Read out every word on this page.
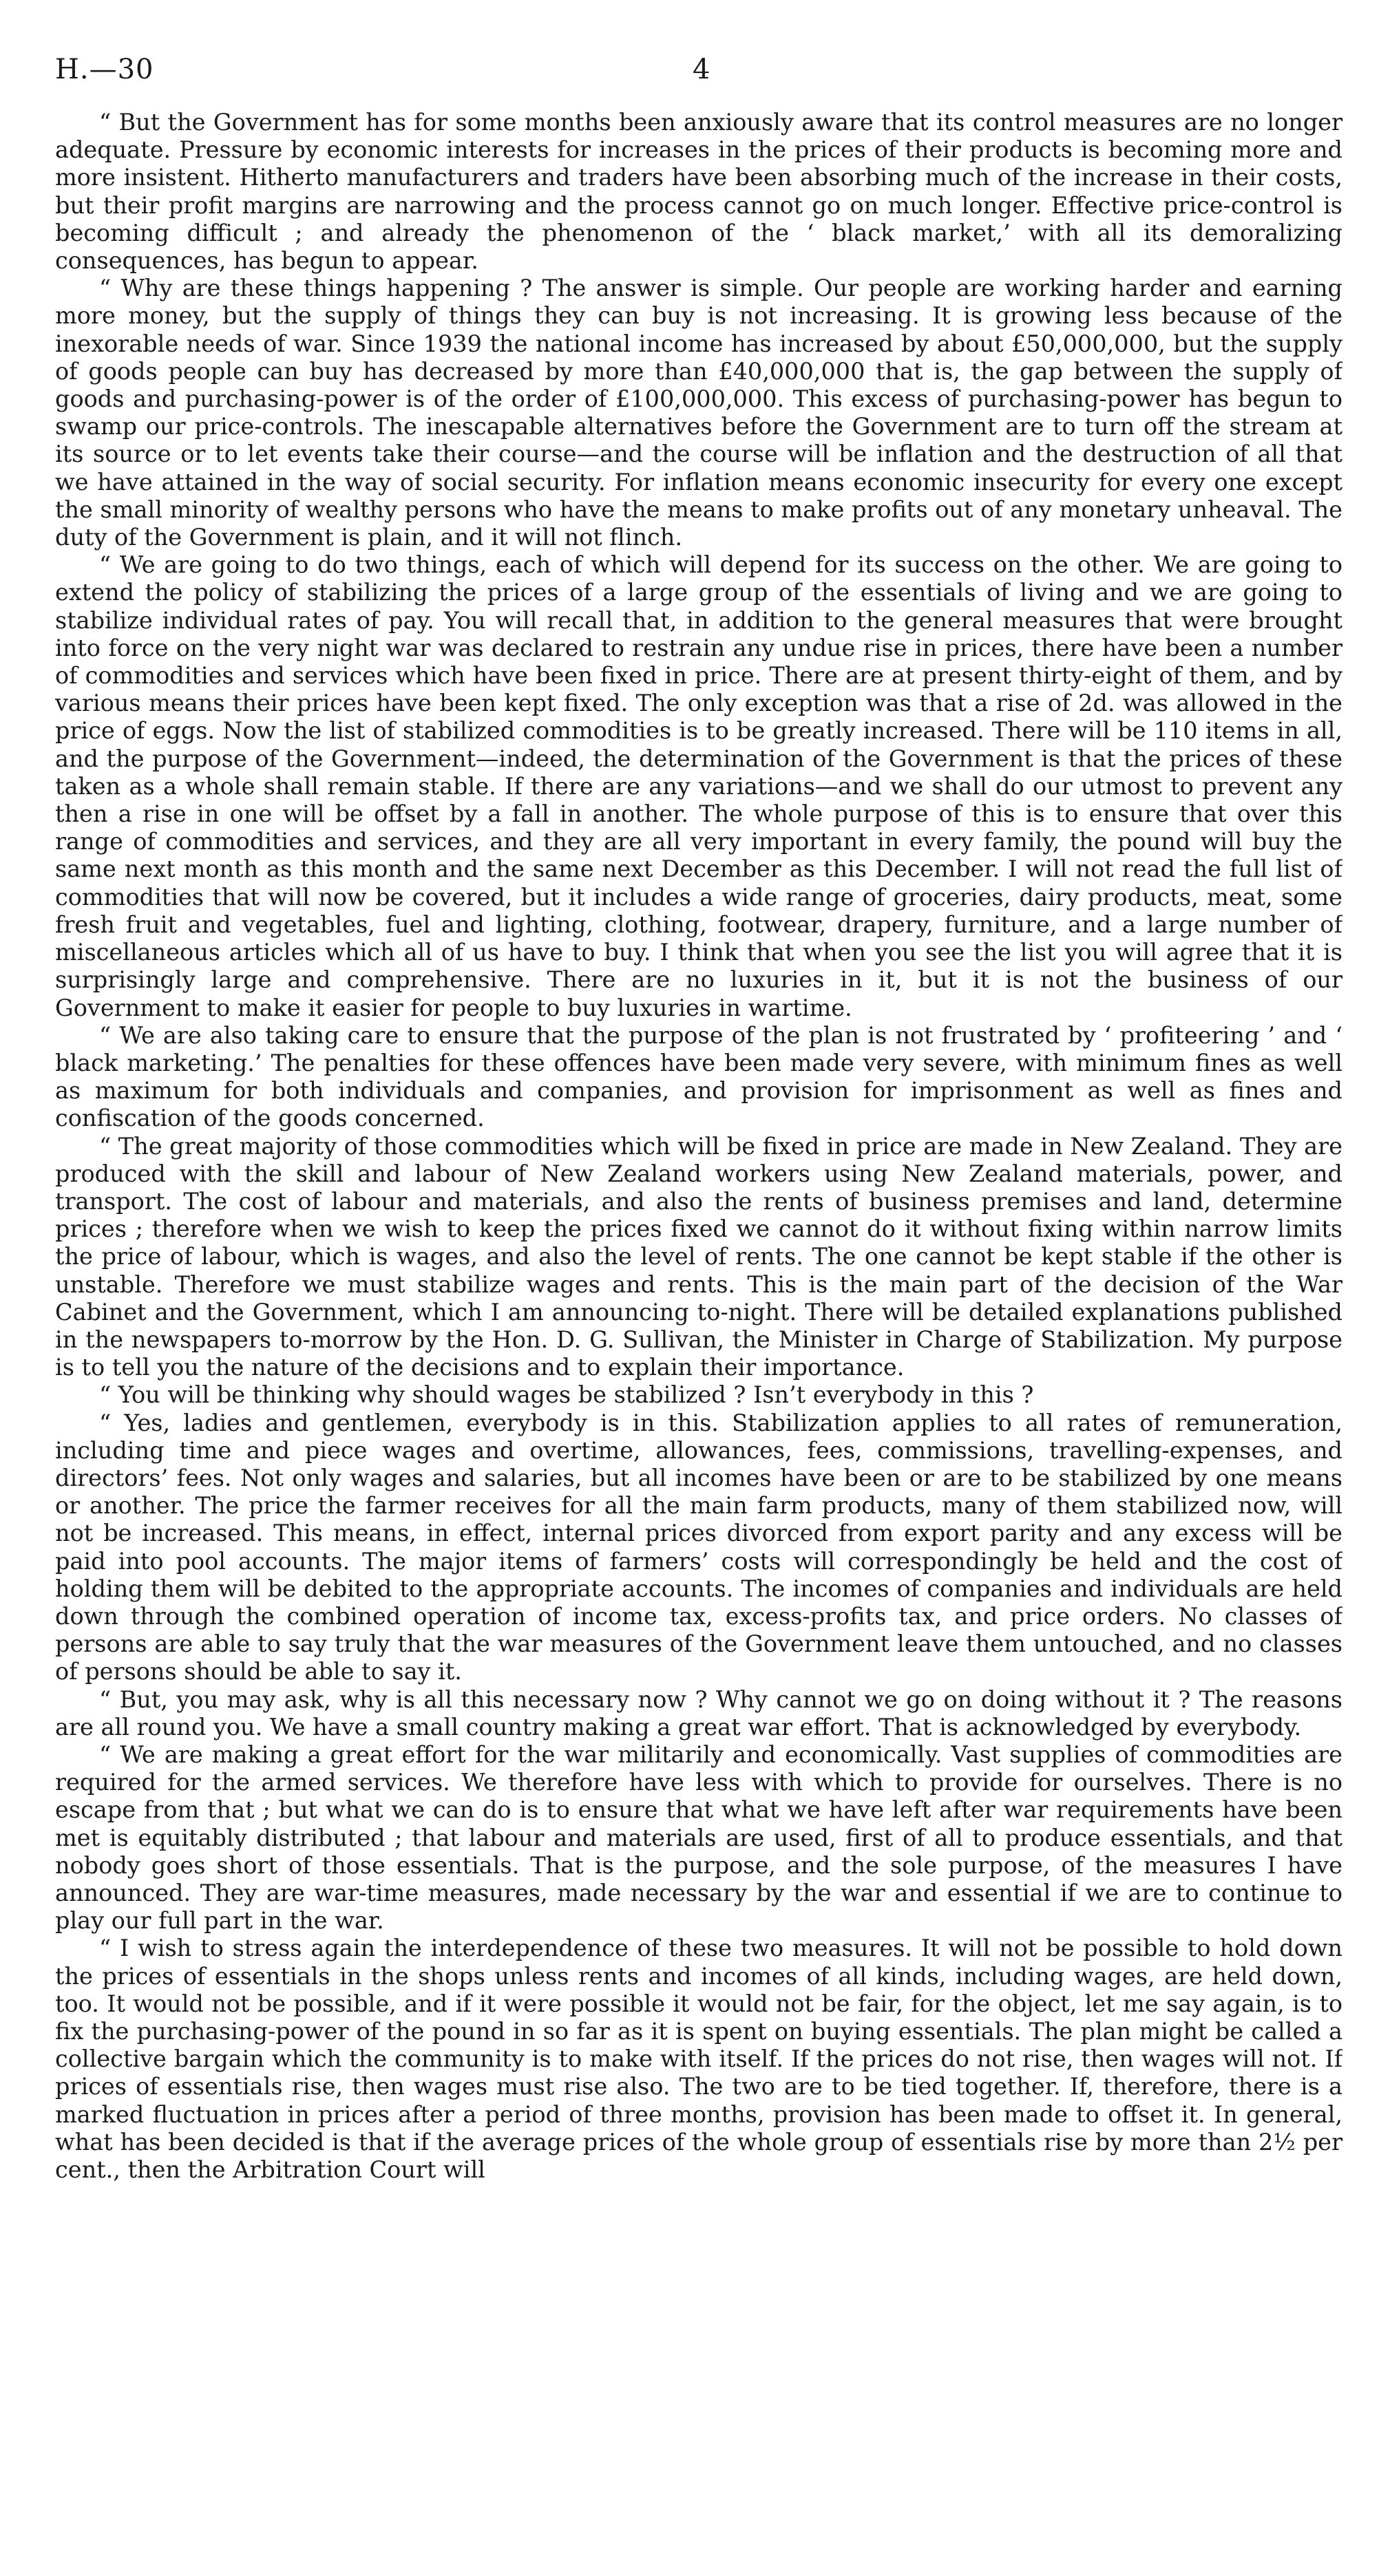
H.—30	4

“ But the Government has for some months been anxiously aware that its control measures are no longer adequate. Pressure by economic interests for increases in the prices of their products is becoming more and more insistent. Hitherto manufacturers and traders have been absorbing much of the increase in their costs, but their profit margins are narrowing and the process cannot go on much longer. Effective price-control is becoming difficult ; and already the phenomenon of the ‘ black market,’ with all its demoralizing consequences, has begun to appear.

“ Why are these things happening ? The answer is simple. Our people are working harder and earning more money, but the supply of things they can buy is not increasing. It is growing less because of the inexorable needs of war. Since 1939 the national income has increased by about £50,000,000, but the supply of goods people can buy has decreased by more than £40,000,000 that is, the gap between the supply of goods and purchasing-power is of the order of £100,000,000. This excess of purchasing-power has begun to swamp our price-controls. The inescapable alternatives before the Government are to turn off the stream at its source or to let events take their course—and the course will be inflation and the destruction of all that we have attained in the way of social security. For inflation means economic insecurity for every one except the small minority of wealthy persons who have the means to make profits out of any monetary unheaval. The duty of the Government is plain, and it will not flinch.

“ We are going to do two things, each of which will depend for its success on the other. We are going to extend the policy of stabilizing the prices of a large group of the essentials of living and we are going to stabilize individual rates of pay. You will recall that, in addition to the general measures that were brought into force on the very night war was declared to restrain any undue rise in prices, there have been a number of commodities and services which have been fixed in price. There are at present thirty-eight of them, and by various means their prices have been kept fixed. The only exception was that a rise of 2d. was allowed in the price of eggs. Now the list of stabilized commodities is to be greatly increased. There will be 110 items in all, and the purpose of the Government—indeed, the determination of the Government is that the prices of these taken as a whole shall remain stable. If there are any variations—and we shall do our utmost to prevent any then a rise in one will be offset by a fall in another. The whole purpose of this is to ensure that over this range of commodities and services, and they are all very important in every family, the pound will buy the same next month as this month and the same next December as this December. I will not read the full list of commodities that will now be covered, but it includes a wide range of groceries, dairy products, meat, some fresh fruit and vegetables, fuel and lighting, clothing, footwear, drapery, furniture, and a large number of miscellaneous articles which all of us have to buy. I think that when you see the list you will agree that it is surprisingly large and comprehensive. There are no luxuries in it, but it is not the business of our Government to make it easier for people to buy luxuries in wartime.

“ We are also taking care to ensure that the purpose of the plan is not frustrated by ‘ profiteering ’ and ‘ black marketing.’ The penalties for these offences have been made very severe, with minimum fines as well as maximum for both individuals and companies, and provision for imprisonment as well as fines and confiscation of the goods concerned.

“ The great majority of those commodities which will be fixed in price are made in New Zealand. They are produced with the skill and labour of New Zealand workers using New Zealand materials, power, and transport. The cost of labour and materials, and also the rents of business premises and land, determine prices ; therefore when we wish to keep the prices fixed we cannot do it without fixing within narrow limits the price of labour, which is wages, and also the level of rents. The one cannot be kept stable if the other is unstable. Therefore we must stabilize wages and rents. This is the main part of the decision of the War Cabinet and the Government, which I am announcing to-night. There will be detailed explanations published in the newspapers to-morrow by the Hon. D. G. Sullivan, the Minister in Charge of Stabilization. My purpose is to tell you the nature of the decisions and to explain their importance.

“ You will be thinking why should wages be stabilized ? Isn’t everybody in this ?

“ Yes, ladies and gentlemen, everybody is in this. Stabilization applies to all rates of remuneration, including time and piece wages and overtime, allowances, fees, commissions, travelling-expenses, and directors’ fees. Not only wages and salaries, but all incomes have been or are to be stabilized by one means or another. The price the farmer receives for all the main farm products, many of them stabilized now, will not be increased. This means, in effect, internal prices divorced from export parity and any excess will be paid into pool accounts. The major items of farmers’ costs will correspondingly be held and the cost of holding them will be debited to the appropriate accounts. The incomes of companies and individuals are held down through the combined operation of income tax, excess-profits tax, and price orders. No classes of persons are able to say truly that the war measures of the Government leave them untouched, and no classes of persons should be able to say it.

“ But, you may ask, why is all this necessary now ? Why cannot we go on doing without it ? The reasons are all round you. We have a small country making a great war effort. That is acknowledged by everybody.

“ We are making a great effort for the war militarily and economically. Vast supplies of commodities are required for the armed services. We therefore have less with which to provide for ourselves. There is no escape from that ; but what we can do is to ensure that what we have left after war requirements have been met is equitably distributed ; that labour and materials are used, first of all to produce essentials, and that nobody goes short of those essentials. That is the purpose, and the sole purpose, of the measures I have announced. They are war-time measures, made necessary by the war and essential if we are to continue to play our full part in the war.

“ I wish to stress again the interdependence of these two measures. It will not be possible to hold down the prices of essentials in the shops unless rents and incomes of all kinds, including wages, are held down, too. It would not be possible, and if it were possible it would not be fair, for the object, let me say again, is to fix the purchasing-power of the pound in so far as it is spent on buying essentials. The plan might be called a collective bargain which the community is to make with itself. If the prices do not rise, then wages will not. If prices of essentials rise, then wages must rise also. The two are to be tied together. If, therefore, there is a marked fluctuation in prices after a period of three months, provision has been made to offset it. In general, what has been decided is that if the average prices of the whole group of essentials rise by more than 2½ per cent., then the Arbitration Court will
